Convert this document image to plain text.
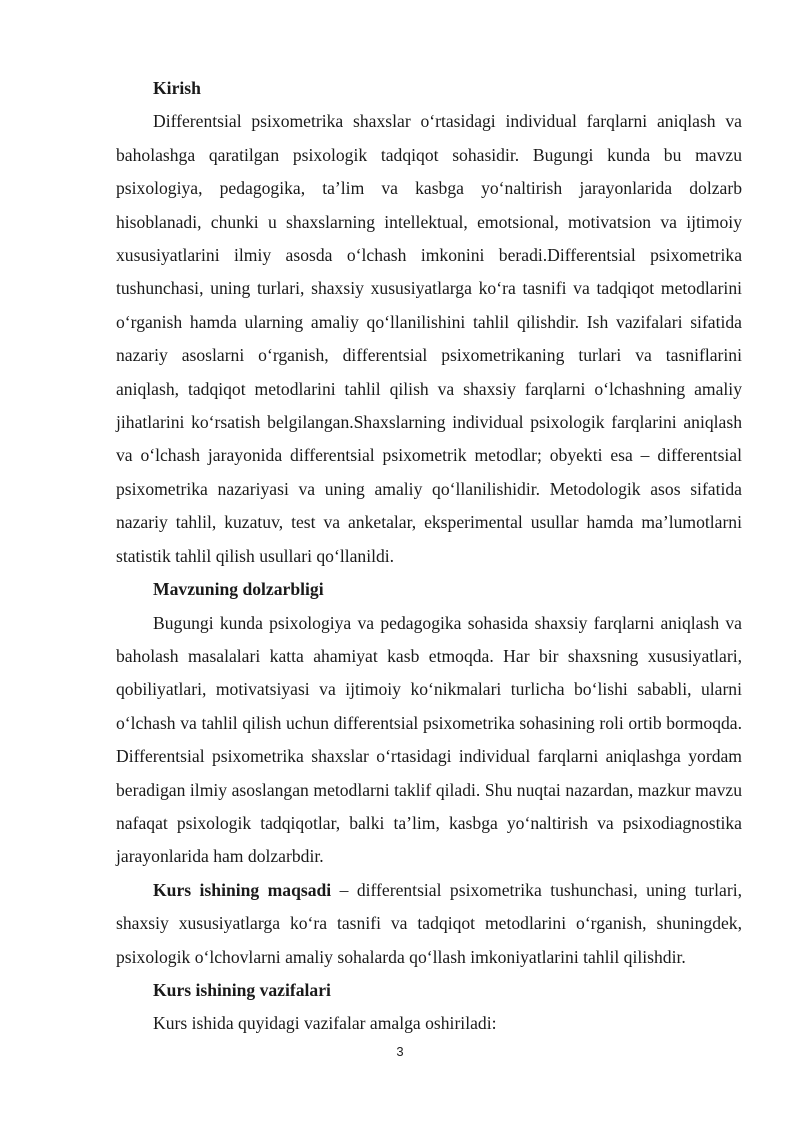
Kirish

Differentsial psixometrika shaxslar o‘rtasidagi individual farqlarni aniqlash va baholashga qaratilgan psixologik tadqiqot sohasidir. Bugungi kunda bu mavzu psixologiya, pedagogika, ta’lim va kasbga yo‘naltirish jarayonlarida dolzarb hisoblanadi, chunki u shaxslarning intellektual, emotsional, motivatsion va ijtimoiy xususiyatlarini ilmiy asosda o‘lchash imkonini beradi.Differentsial psixometrika tushunchasi, uning turlari, shaxsiy xususiyatlarga ko‘ra tasnifi va tadqiqot metodlarini o‘rganish hamda ularning amaliy qo‘llanilishini tahlil qilishdir. Ish vazifalari sifatida nazariy asoslarni o‘rganish, differentsial psixometrikaning turlari va tasniflarini aniqlash, tadqiqot metodlarini tahlil qilish va shaxsiy farqlarni o‘lchashning amaliy jihatlarini ko‘rsatish belgilangan.Shaxslarning individual psixologik farqlarini aniqlash va o‘lchash jarayonida differentsial psixometrik metodlar; obyekti esa – differentsial psixometrika nazariyasi va uning amaliy qo‘llanilishidir. Metodologik asos sifatida nazariy tahlil, kuzatuv, test va anketalar, eksperimental usullar hamda ma’lumotlarni statistik tahlil qilish usullari qo‘llanildi.

Mavzuning dolzarbligi

Bugungi kunda psixologiya va pedagogika sohasida shaxsiy farqlarni aniqlash va baholash masalalari katta ahamiyat kasb etmoqda. Har bir shaxsning xususiyatlari, qobiliyatlari, motivatsiyasi va ijtimoiy ko‘nikmalari turlicha bo‘lishi sababli, ularni o‘lchash va tahlil qilish uchun differentsial psixometrika sohasining roli ortib bormoqda. Differentsial psixometrika shaxslar o‘rtasidagi individual farqlarni aniqlashga yordam beradigan ilmiy asoslangan metodlarni taklif qiladi. Shu nuqtai nazardan, mazkur mavzu nafaqat psixologik tadqiqotlar, balki ta’lim, kasbga yo‘naltirish va psixodiagnostika jarayonlarida ham dolzarbdir.

Kurs ishining maqsadi – differentsial psixometrika tushunchasi, uning turlari, shaxsiy xususiyatlarga ko‘ra tasnifi va tadqiqot metodlarini o‘rganish, shuningdek, psixologik o‘lchovlarni amaliy sohalarda qo‘llash imkoniyatlarini tahlil qilishdir.

Kurs ishining vazifalari

Kurs ishida quyidagi vazifalar amalga oshiriladi:

3
